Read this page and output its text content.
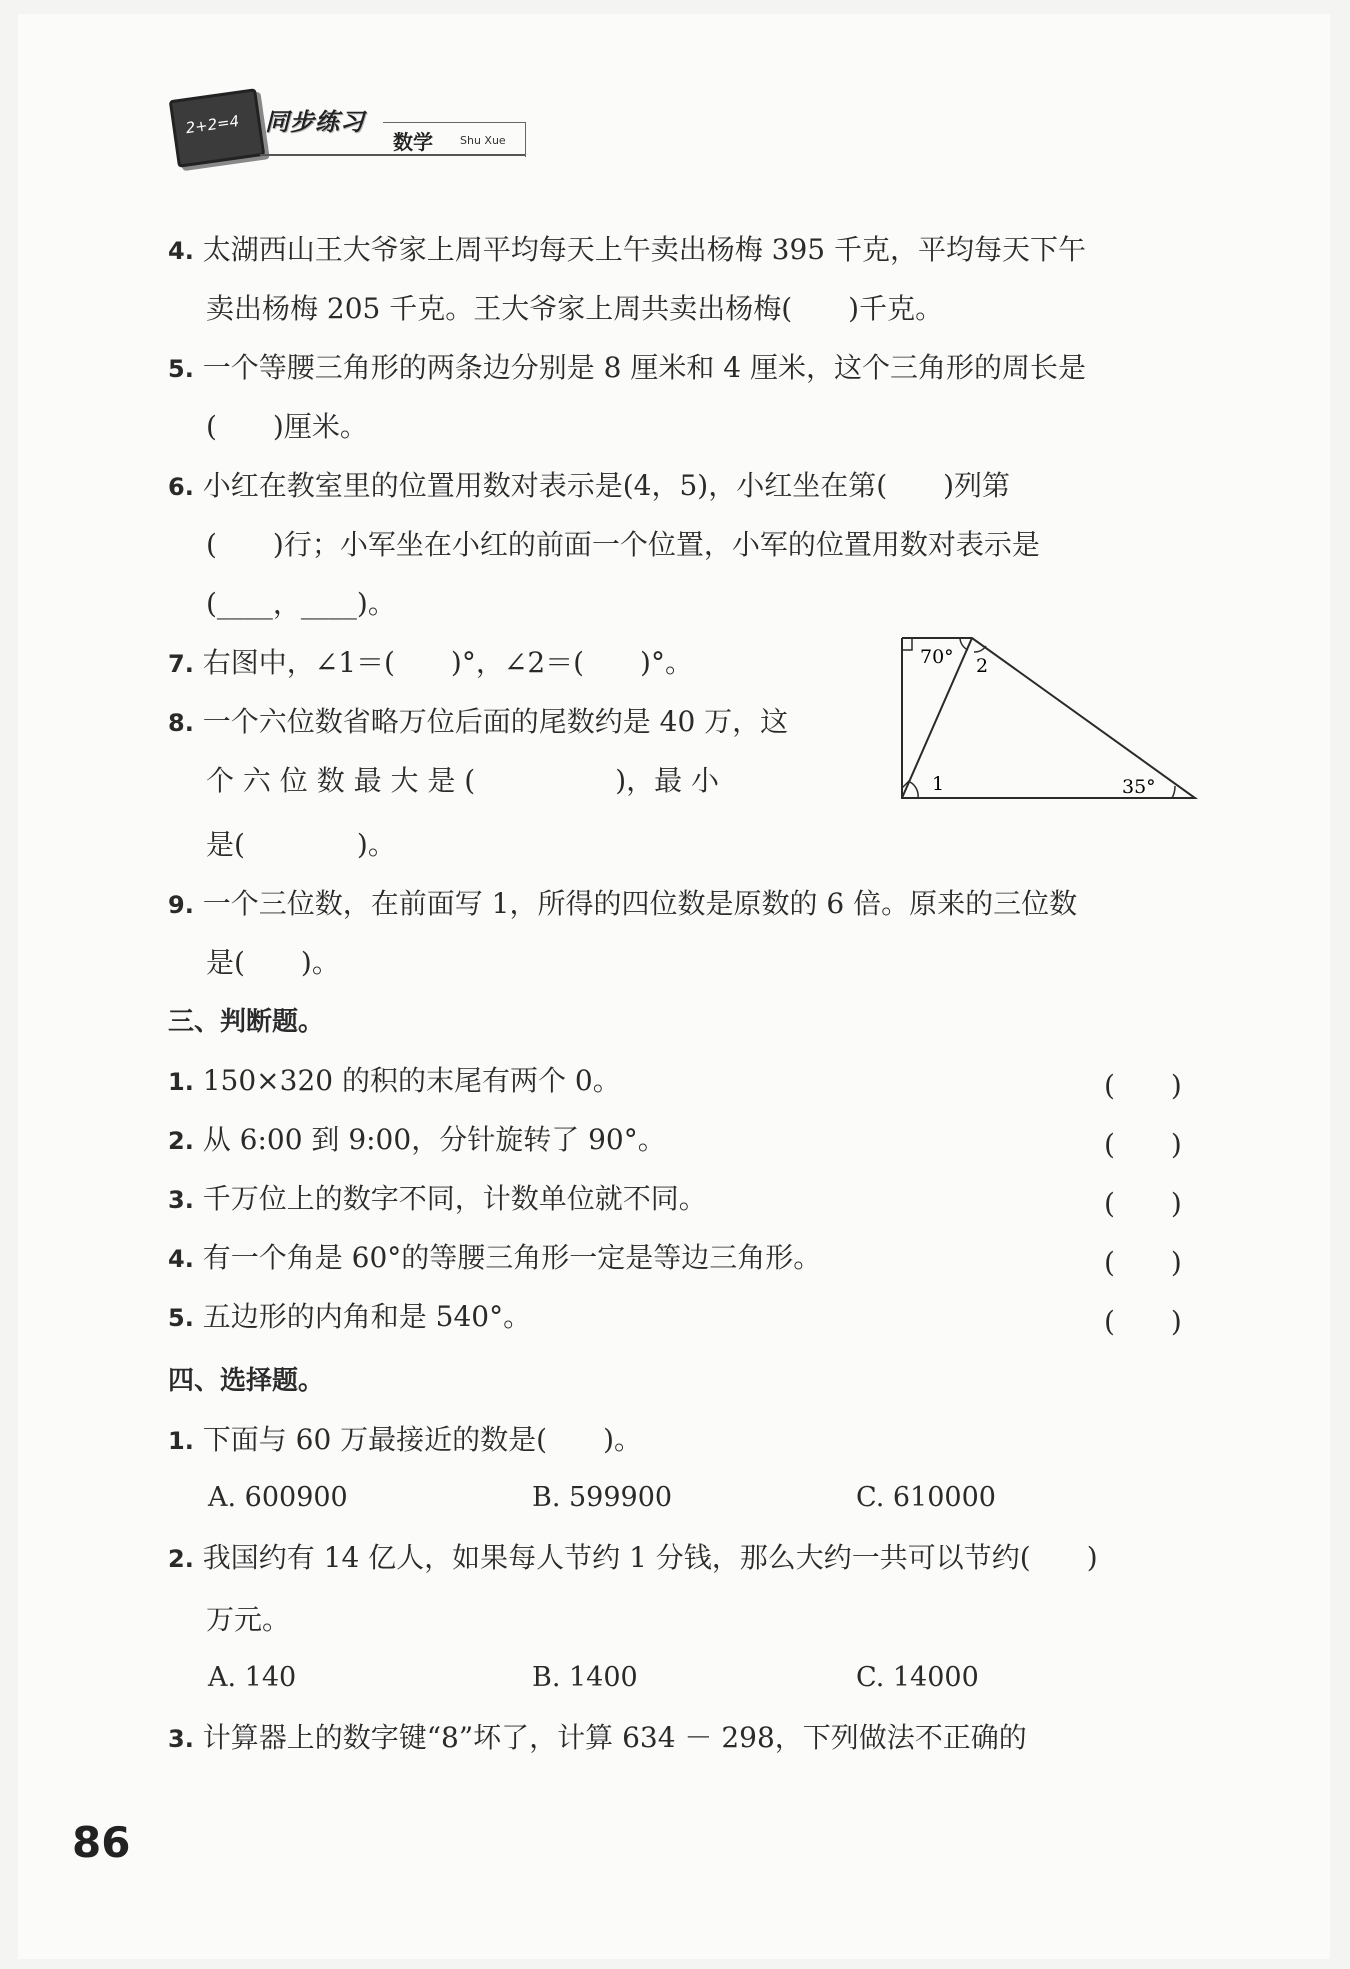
2+2=4 同步练习
数学 Shu Xue
4. 太湖西山王大爷家上周平均每天上午卖出杨梅 395 千克，平均每天下午
卖出杨梅 205 千克。王大爷家上周共卖出杨梅(　　)千克。
5. 一个等腰三角形的两条边分别是 8 厘米和 4 厘米，这个三角形的周长是
(　　)厘米。
6. 小红在教室里的位置用数对表示是(4，5)，小红坐在第(　　)列第
(　　)行；小军坐在小红的前面一个位置，小军的位置用数对表示是
(____，____)。
7. 右图中，∠1＝(　　)°，∠2＝(　　)°。
8. 一个六位数省略万位后面的尾数约是 40 万，这
个 六 位 数 最 大 是 (　　　　　)，最 小
是(　　　　)。
9. 一个三位数，在前面写 1，所得的四位数是原数的 6 倍。原来的三位数
是(　　)。
70° 2
1	35°
三、判断题。
1. 150×320 的积的末尾有两个 0。	(　　)
2. 从 6:00 到 9:00，分针旋转了 90°。	(　　)
3. 千万位上的数字不同，计数单位就不同。	(　　)
4. 有一个角是 60°的等腰三角形一定是等边三角形。	(　　)
5. 五边形的内角和是 540°。	(　　)
四、选择题。
1. 下面与 60 万最接近的数是(　　)。
A. 600900	B. 599900	C. 610000
2. 我国约有 14 亿人，如果每人节约 1 分钱，那么大约一共可以节约(　　)
万元。
A. 140	B. 1400	C. 14000
3. 计算器上的数字键“8”坏了，计算 634 － 298，下列做法不正确的
86
